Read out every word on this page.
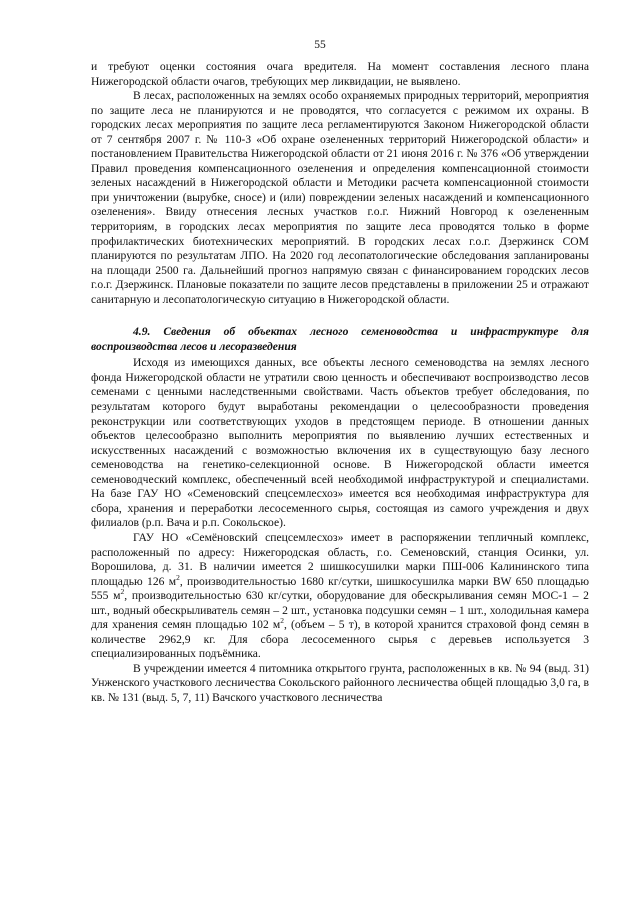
55

и требуют оценки состояния очага вредителя. На момент составления лесного плана Нижегородской области очагов, требующих мер ликвидации, не выявлено.

В лесах, расположенных на землях особо охраняемых природных территорий, мероприятия по защите леса не планируются и не проводятся, что согласуется с режимом их охраны. В городских лесах мероприятия по защите леса регламентируются Законом Нижегородской области от 7 сентября 2007 г. № 110-З «Об охране озелененных территорий Нижегородской области» и постановлением Правительства Нижегородской области от 21 июня 2016 г. № 376 «Об утверждении Правил проведения компенсационного озеленения и определения компенсационной стоимости зеленых насаждений в Нижегородской области и Методики расчета компенсационной стоимости при уничтожении (вырубке, сносе) и (или) повреждении зеленых насаждений и компенсационного озеленения». Ввиду отнесения лесных участков г.о.г. Нижний Новгород к озелененным территориям, в городских лесах мероприятия по защите леса проводятся только в форме профилактических биотехнических мероприятий. В городских лесах г.о.г. Дзержинск СОМ планируются по результатам ЛПО. На 2020 год лесопатологические обследования запланированы на площади 2500 га. Дальнейший прогноз напрямую связан с финансированием городских лесов г.о.г. Дзержинск. Плановые показатели по защите лесов представлены в приложении 25 и отражают санитарную и лесопатологическую ситуацию в Нижегородской области.

4.9. Сведения об объектах лесного семеноводства и инфраструктуре для воспроизводства лесов и лесоразведения

Исходя из имеющихся данных, все объекты лесного семеноводства на землях лесного фонда Нижегородской области не утратили свою ценность и обеспечивают воспроизводство лесов семенами с ценными наследственными свойствами. Часть объектов требует обследования, по результатам которого будут выработаны рекомендации о целесообразности проведения реконструкции или соответствующих уходов в предстоящем периоде. В отношении данных объектов целесообразно выполнить мероприятия по выявлению лучших естественных и искусственных насаждений с возможностью включения их в существующую базу лесного семеноводства на генетико-селекционной основе. В Нижегородской области имеется семеноводческий комплекс, обеспеченный всей необходимой инфраструктурой и специалистами. На базе ГАУ НО «Семеновский спецсемлесхоз» имеется вся необходимая инфраструктура для сбора, хранения и переработки лесосеменного сырья, состоящая из самого учреждения и двух филиалов (р.п. Вача и р.п. Сокольское).

ГАУ НО «Семёновский спецсемлесхоз» имеет в распоряжении тепличный комплекс, расположенный по адресу: Нижегородская область, г.о. Семеновский, станция Осинки, ул. Ворошилова, д. 31. В наличии имеется 2 шишкосушилки марки ПШ-006 Калининского типа площадью 126 $м^2$, производительностью 1680 кг/сутки, шишкосушилка марки BW 650 площадью 555 $м^2$, производительностью 630 кг/сутки, оборудование для обескрыливания семян МОС-1 – 2 шт., водный обескрыливатель семян – 2 шт., установка подсушки семян – 1 шт., холодильная камера для хранения семян площадью 102 $м^2$, (объем – 5 т), в которой хранится страховой фонд семян в количестве 2962,9 кг. Для сбора лесосеменного сырья с деревьев используется 3 специализированных подъёмника.

В учреждении имеется 4 питомника открытого грунта, расположенных в кв. № 94 (выд. 31) Унженского участкового лесничества Сокольского районного лесничества общей площадью 3,0 га, в кв. № 131 (выд. 5, 7, 11) Вачского участкового лесничества
